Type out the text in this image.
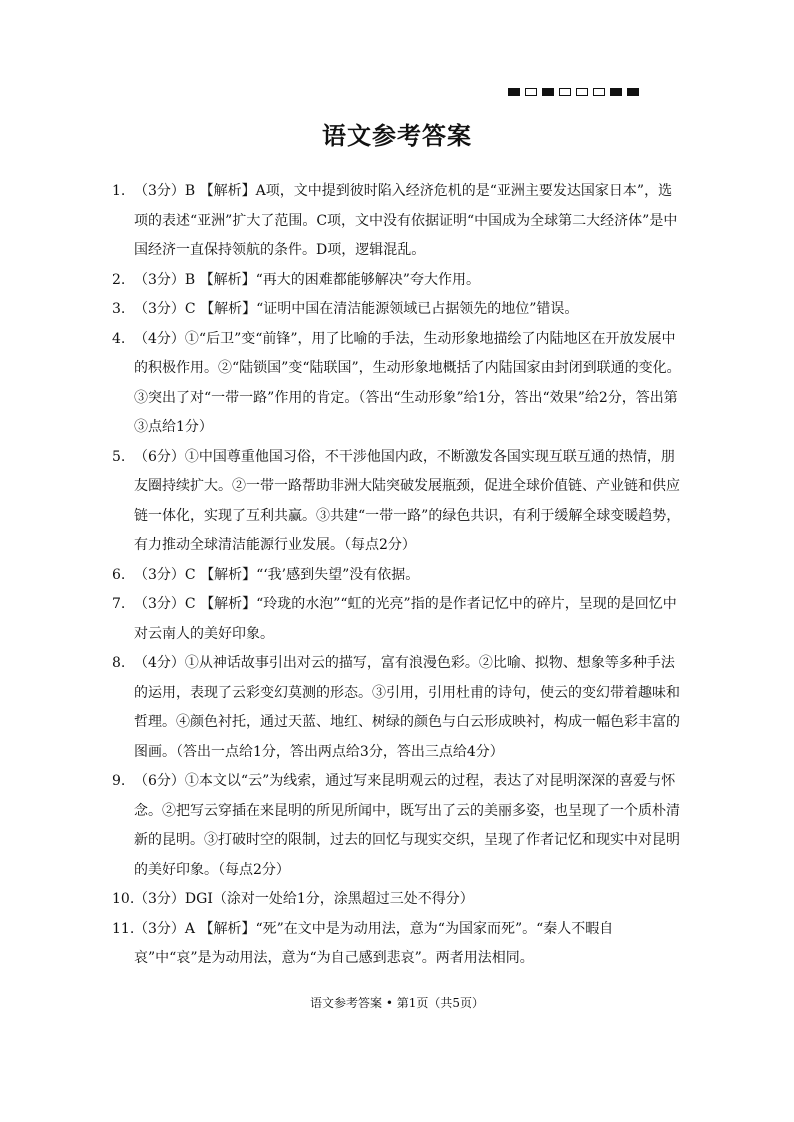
语文参考答案
1. （3分）B 【解析】A项，文中提到彼时陷入经济危机的是“亚洲主要发达国家日本”，选项的表述“亚洲”扩大了范围。C项，文中没有依据证明“中国成为全球第二大经济体”是中国经济一直保持领航的条件。D项，逻辑混乱。
2. （3分）B 【解析】“再大的困难都能够解决”夸大作用。
3. （3分）C 【解析】“证明中国在清洁能源领域已占据领先的地位”错误。
4. （4分）①“后卫”变“前锋”，用了比喻的手法，生动形象地描绘了内陆地区在开放发展中的积极作用。②“陆锁国”变“陆联国”，生动形象地概括了内陆国家由封闭到联通的变化。③突出了对“一带一路”作用的肯定。（答出“生动形象”给1分，答出“效果”给2分，答出第③点给1分）
5. （6分）①中国尊重他国习俗，不干涉他国内政，不断激发各国实现互联互通的热情，朋友圈持续扩大。②一带一路帮助非洲大陆突破发展瓶颈，促进全球价值链、产业链和供应链一体化，实现了互利共赢。③共建“一带一路”的绿色共识，有利于缓解全球变暖趋势，有力推动全球清洁能源行业发展。（每点2分）
6. （3分）C 【解析】“‘我’感到失望”没有依据。
7. （3分）C 【解析】“玲珑的水泡”“虹的光亮”指的是作者记忆中的碎片，呈现的是回忆中对云南人的美好印象。
8. （4分）①从神话故事引出对云的描写，富有浪漫色彩。②比喻、拟物、想象等多种手法的运用，表现了云彩变幻莫测的形态。③引用，引用杜甫的诗句，使云的变幻带着趣味和哲理。④颜色衬托，通过天蓝、地红、树绿的颜色与白云形成映衬，构成一幅色彩丰富的图画。（答出一点给1分，答出两点给3分，答出三点给4分）
9. （6分）①本文以“云”为线索，通过写来昆明观云的过程，表达了对昆明深深的喜爱与怀念。②把写云穿插在来昆明的所见所闻中，既写出了云的美丽多姿，也呈现了一个质朴清新的昆明。③打破时空的限制，过去的回忆与现实交织，呈现了作者记忆和现实中对昆明的美好印象。（每点2分）
10. （3分）DGI（涂对一处给1分，涂黑超过三处不得分）
11. （3分）A 【解析】“死”在文中是为动用法，意为“为国家而死”。“秦人不暇自哀”中“哀”是为动用法，意为“为自己感到悲哀”。两者用法相同。
语文参考答案 • 第1页（共5页）
